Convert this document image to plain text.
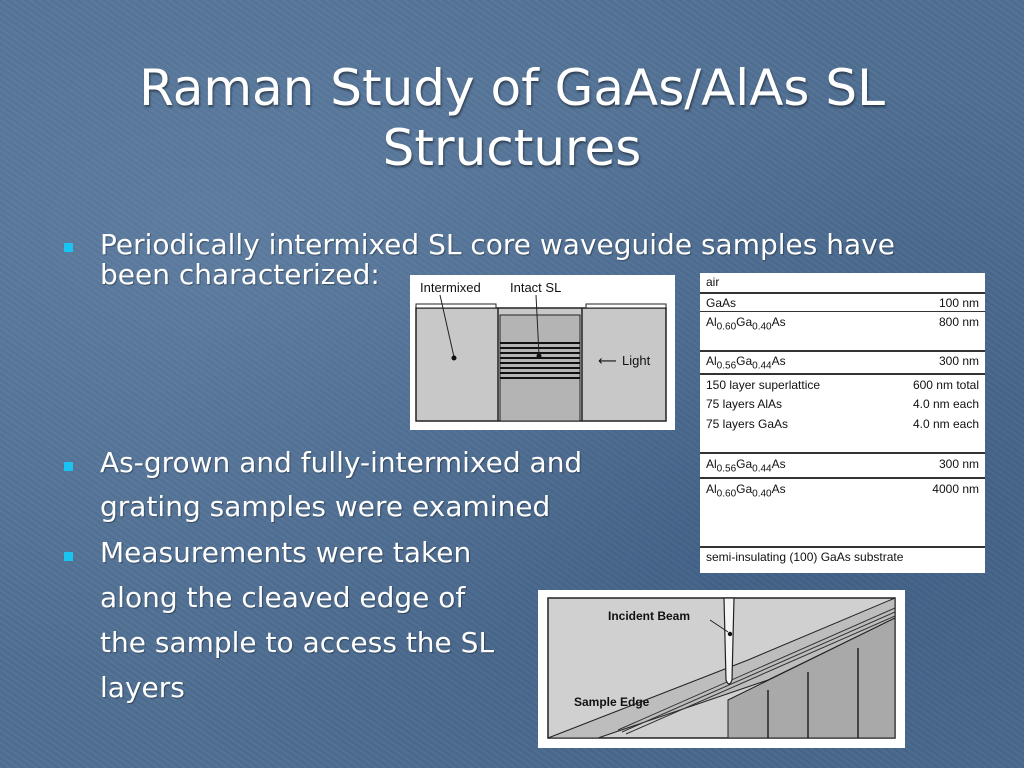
Raman Study of GaAs/AlAs SL
Structures
Periodically intermixed SL core waveguide samples have
been characterized:
As-grown and fully-intermixed and
grating samples were examined
Measurements were taken
along the cleaved edge of
the sample to access the SL
layers
Intermixed Intact SL
⟵ Light
air
GaAs	100 nm
$Al_{0.60}Ga_{0.40}As$	800 nm
$Al_{0.56}Ga_{0.44}As$	300 nm
150 layer superlattice	600 nm total
75 layers AlAs	4.0 nm each
75 layers GaAs	4.0 nm each
$Al_{0.56}Ga_{0.44}As$	300 nm
$Al_{0.60}Ga_{0.40}As$	4000 nm
semi-insulating (100) GaAs substrate
Incident Beam
Sample Edge
